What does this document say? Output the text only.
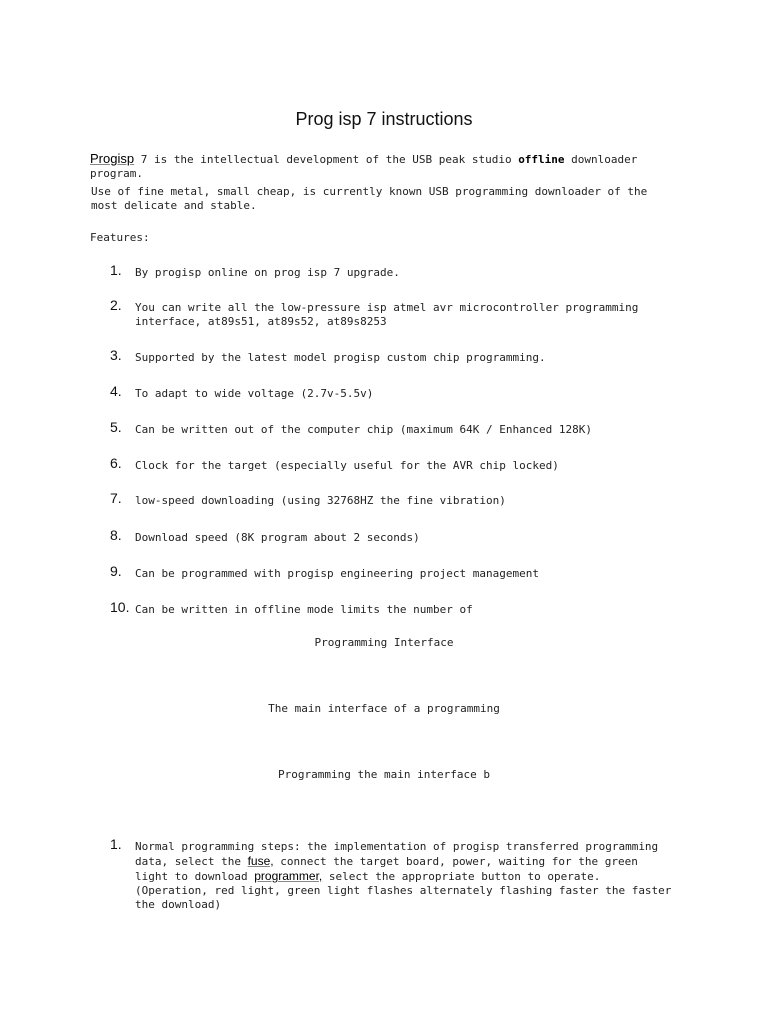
Prog isp 7 instructions
Progisp 7 is the intellectual development of the USB peak studio offline downloader program.
Use of fine metal, small cheap, is currently known USB programming downloader of the most delicate and stable.
Features:
1. By progisp online on prog isp 7 upgrade.
2. You can write all the low-pressure isp atmel avr microcontroller programming interface, at89s51, at89s52, at89s8253
3. Supported by the latest model progisp custom chip programming.
4. To adapt to wide voltage (2.7v-5.5v)
5. Can be written out of the computer chip (maximum 64K / Enhanced 128K)
6. Clock for the target (especially useful for the AVR chip locked)
7. low-speed downloading (using 32768HZ the fine vibration)
8. Download speed (8K program about 2 seconds)
9. Can be programmed with progisp engineering project management
10. Can be written in offline mode limits the number of
Programming Interface
The main interface of a programming
Programming the main interface b
1. Normal programming steps: the implementation of progisp transferred programming data, select the fuse, connect the target board, power, waiting for the green light to download programmer, select the appropriate button to operate. (Operation, red light, green light flashes alternately flashing faster the faster the download)
